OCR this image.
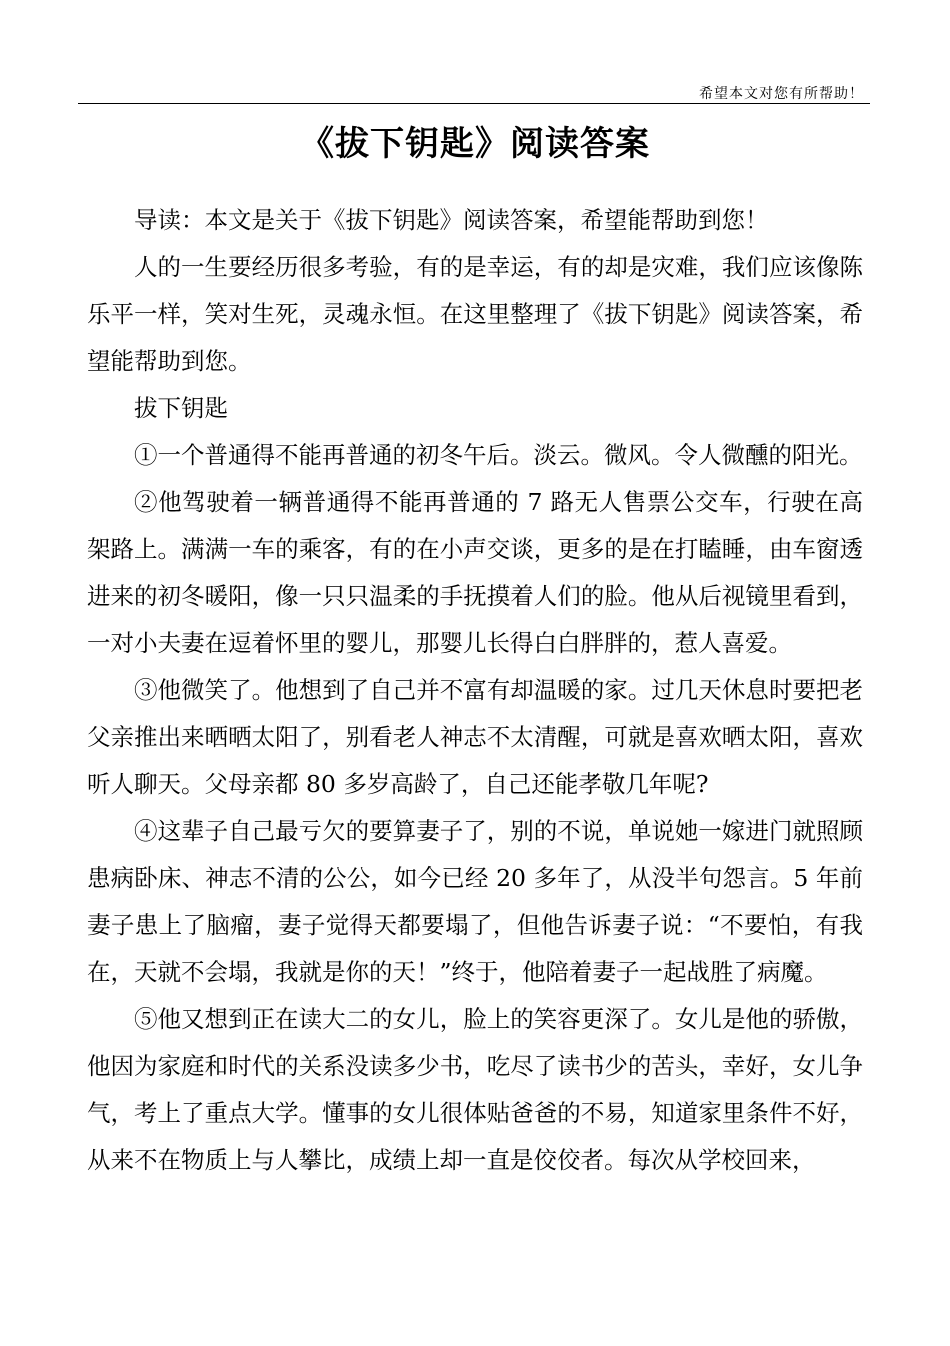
希望本文对您有所帮助！
《拔下钥匙》阅读答案

导读：本文是关于《拔下钥匙》阅读答案，希望能帮助到您！

人的一生要经历很多考验，有的是幸运，有的却是灾难，我们应该像陈乐平一样，笑对生死，灵魂永恒。在这里整理了《拔下钥匙》阅读答案，希望能帮助到您。

拔下钥匙

①一个普通得不能再普通的初冬午后。淡云。微风。令人微醺的阳光。

②他驾驶着一辆普通得不能再普通的 7 路无人售票公交车，行驶在高架路上。满满一车的乘客，有的在小声交谈，更多的是在打瞌睡，由车窗透进来的初冬暖阳，像一只只温柔的手抚摸着人们的脸。他从后视镜里看到，一对小夫妻在逗着怀里的婴儿，那婴儿长得白白胖胖的，惹人喜爱。

③他微笑了。他想到了自己并不富有却温暖的家。过几天休息时要把老父亲推出来晒晒太阳了，别看老人神志不太清醒，可就是喜欢晒太阳，喜欢听人聊天。父母亲都 80 多岁高龄了，自己还能孝敬几年呢?

④这辈子自己最亏欠的要算妻子了，别的不说，单说她一嫁进门就照顾患病卧床、神志不清的公公，如今已经 20 多年了，从没半句怨言。5 年前妻子患上了脑瘤，妻子觉得天都要塌了，但他告诉妻子说：“不要怕，有我在，天就不会塌，我就是你的天！”终于，他陪着妻子一起战胜了病魔。

⑤他又想到正在读大二的女儿，脸上的笑容更深了。女儿是他的骄傲，他因为家庭和时代的关系没读多少书，吃尽了读书少的苦头，幸好，女儿争气，考上了重点大学。懂事的女儿很体贴爸爸的不易，知道家里条件不好，从来不在物质上与人攀比，成绩上却一直是佼佼者。每次从学校回来，
